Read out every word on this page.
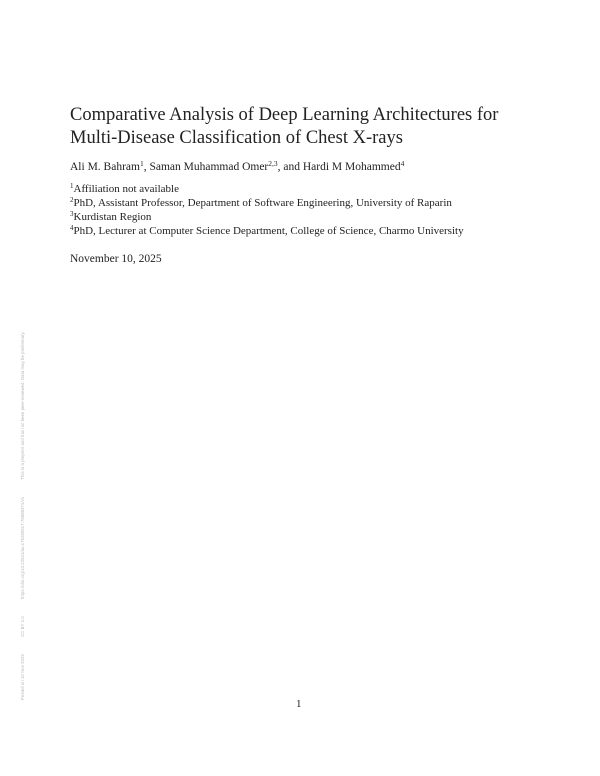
Posted on 10 Nov 2025 CC BY 4.0 https://doi.org/10.22541/au.176280517.76888371/v1 This is a preprint and has not been peer-reviewed. Data may be preliminary.
Comparative Analysis of Deep Learning Architectures for
Multi-Disease Classification of Chest X-rays
Ali M. Bahram$^1$, Saman Muhammad Omer$^{2,3}$, and Hardi M Mohammed$^4$
$^1$Affiliation not available
$^2$PhD, Assistant Professor, Department of Software Engineering, University of Raparin
$^3$Kurdistan Region
$^4$PhD, Lecturer at Computer Science Department, College of Science, Charmo University
November 10, 2025
1
